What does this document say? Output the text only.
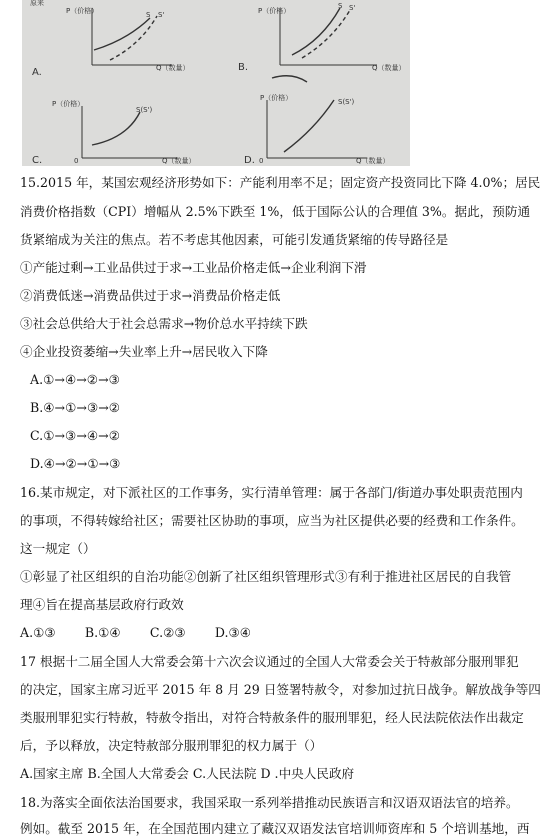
P（价格）
Q（数量）
S S'
A.
P（价格）
Q（数量）
S S'
B.
P（价格）
Q（数量）
0
S(S')
C.
P（价格）
Q（数量）
0
S(S')
D.
原来
15.2015 年，某国宏观经济形势如下：产能利用率不足；固定资产投资同比下降 4.0%；居民
消费价格指数（CPI）增幅从 2.5%下跌至 1%，低于国际公认的合理值 3%。据此，预防通
货紧缩成为关注的焦点。若不考虑其他因素，可能引发通货紧缩的传导路径是
①产能过剩→工业品供过于求→工业品价格走低→企业利润下滑
②消费低迷→消费品供过于求→消费品价格走低
③社会总供给大于社会总需求→物价总水平持续下跌
④企业投资萎缩→失业率上升→居民收入下降
A.①→④→②→③
B.④→①→③→②
C.①→③→④→②
D.④→②→①→③
16.某市规定，对下派社区的工作事务，实行清单管理：属于各部门/街道办事处职责范围内
的事项，不得转嫁给社区；需要社区协助的事项，应当为社区提供必要的经费和工作条件。
这一规定（）
①彰显了社区组织的自治功能②创新了社区组织管理形式③有利于推进社区居民的自我管
理④旨在提高基层政府行政效
A.①③　　 B.①④　　 C.②③　　 D.③④
17 根据十二届全国人大常委会第十六次会议通过的全国人大常委会关于特赦部分服刑罪犯
的决定，国家主席习近平 2015 年 8 月 29 日签署特赦令，对参加过抗日战争。解放战争等四
类服刑罪犯实行特赦，特赦令指出，对符合特赦条件的服刑罪犯，经人民法院依法作出裁定
后，予以释放，决定特赦部分服刑罪犯的权力属于（）
A.国家主席 B.全国人大常委会 C.人民法院 D .中央人民政府
18.为落实全面依法治国要求，我国采取一系列举措推动民族语言和汉语双语法官的培养。
例如。截至 2015 年，在全国范围内建立了藏汉双语发法官培训师资库和 5 个培训基地，西
